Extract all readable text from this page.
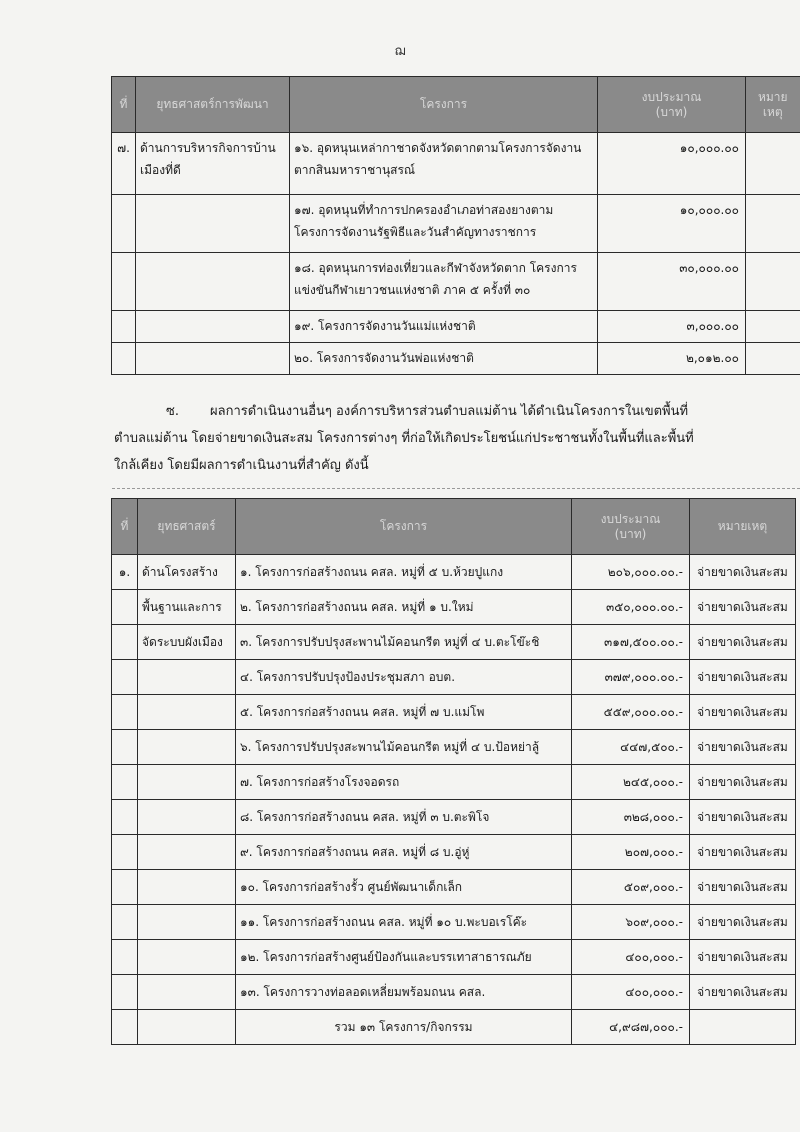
ฌ
ที่	ยุทธศาสตร์การพัฒนา	โครงการ	งบประมาณ
(บาท)	หมาย
เหตุ
๗.	ด้านการบริหารกิจการบ้านเมืองที่ดี	๑๖. อุดหนุนเหล่ากาชาดจังหวัดตากตามโครงการจัดงานตากสินมหาราชานุสรณ์	๑๐,๐๐๐.๐๐	
		๑๗. อุดหนุนที่ทำการปกครองอำเภอท่าสองยางตามโครงการจัดงานรัฐพิธีและวันสำคัญทางราชการ	๑๐,๐๐๐.๐๐	
		๑๘. อุดหนุนการท่องเที่ยวและกีฬาจังหวัดตาก โครงการแข่งขันกีฬาเยาวชนแห่งชาติ ภาค ๕ ครั้งที่ ๓๐	๓๐,๐๐๐.๐๐	
		๑๙. โครงการจัดงานวันแม่แห่งชาติ	๓,๐๐๐.๐๐	
		๒๐. โครงการจัดงานวันพ่อแห่งชาติ	๒,๐๑๒.๐๐	
ซ. ผลการดำเนินงานอื่นๆ องค์การบริหารส่วนตำบลแม่ต้าน ได้ดำเนินโครงการในเขตพื้นที่
ตำบลแม่ต้าน โดยจ่ายขาดเงินสะสม โครงการต่างๆ ที่ก่อให้เกิดประโยชน์แก่ประชาชนทั้งในพื้นที่และพื้นที่
ใกล้เคียง โดยมีผลการดำเนินงานที่สำคัญ ดังนี้
ที่	ยุทธศาสตร์	โครงการ	งบประมาณ
(บาท)	หมายเหตุ
๑.	ด้านโครงสร้าง	๑. โครงการก่อสร้างถนน คสล. หมู่ที่ ๕ บ.ห้วยปูแกง	๒๐๖,๐๐๐.๐๐.-	จ่ายขาดเงินสะสม
	พื้นฐานและการ	๒. โครงการก่อสร้างถนน คสล. หมู่ที่ ๑ บ.ใหม่	๓๕๐,๐๐๐.๐๐.-	จ่ายขาดเงินสะสม
	จัดระบบผังเมือง	๓. โครงการปรับปรุงสะพานไม้คอนกรีต หมู่ที่ ๔ บ.ตะโข๊ะชิ	๓๑๗,๕๐๐.๐๐.-	จ่ายขาดเงินสะสม
		๔. โครงการปรับปรุงป้องประชุมสภา อบต.	๓๗๙,๐๐๐.๐๐.-	จ่ายขาดเงินสะสม
		๕. โครงการก่อสร้างถนน คสล. หมู่ที่ ๗ บ.แม่โพ	๕๕๙,๐๐๐.๐๐.-	จ่ายขาดเงินสะสม
		๖. โครงการปรับปรุงสะพานไม้คอนกรีต หมู่ที่ ๔ บ.ป้อหย่าลู้	๔๔๗,๕๐๐.-	จ่ายขาดเงินสะสม
		๗. โครงการก่อสร้างโรงจอดรถ	๒๔๕,๐๐๐.-	จ่ายขาดเงินสะสม
		๘. โครงการก่อสร้างถนน คสล. หมู่ที่ ๓ บ.ตะพิโจ	๓๒๘,๐๐๐.-	จ่ายขาดเงินสะสม
		๙. โครงการก่อสร้างถนน คสล. หมู่ที่ ๘ บ.อู่หู่	๒๐๗,๐๐๐.-	จ่ายขาดเงินสะสม
		๑๐. โครงการก่อสร้างรั้ว ศูนย์พัฒนาเด็กเล็ก	๕๐๙,๐๐๐.-	จ่ายขาดเงินสะสม
		๑๑. โครงการก่อสร้างถนน คสล. หมู่ที่ ๑๐ บ.พะบอเรโค๊ะ	๖๐๙,๐๐๐.-	จ่ายขาดเงินสะสม
		๑๒. โครงการก่อสร้างศูนย์ป้องกันและบรรเทาสาธารณภัย	๔๐๐,๐๐๐.-	จ่ายขาดเงินสะสม
		๑๓. โครงการวางท่อลอดเหลี่ยมพร้อมถนน คสล.	๔๐๐,๐๐๐.-	จ่ายขาดเงินสะสม
		รวม ๑๓ โครงการ/กิจกรรม	๔,๙๘๗,๐๐๐.-	
